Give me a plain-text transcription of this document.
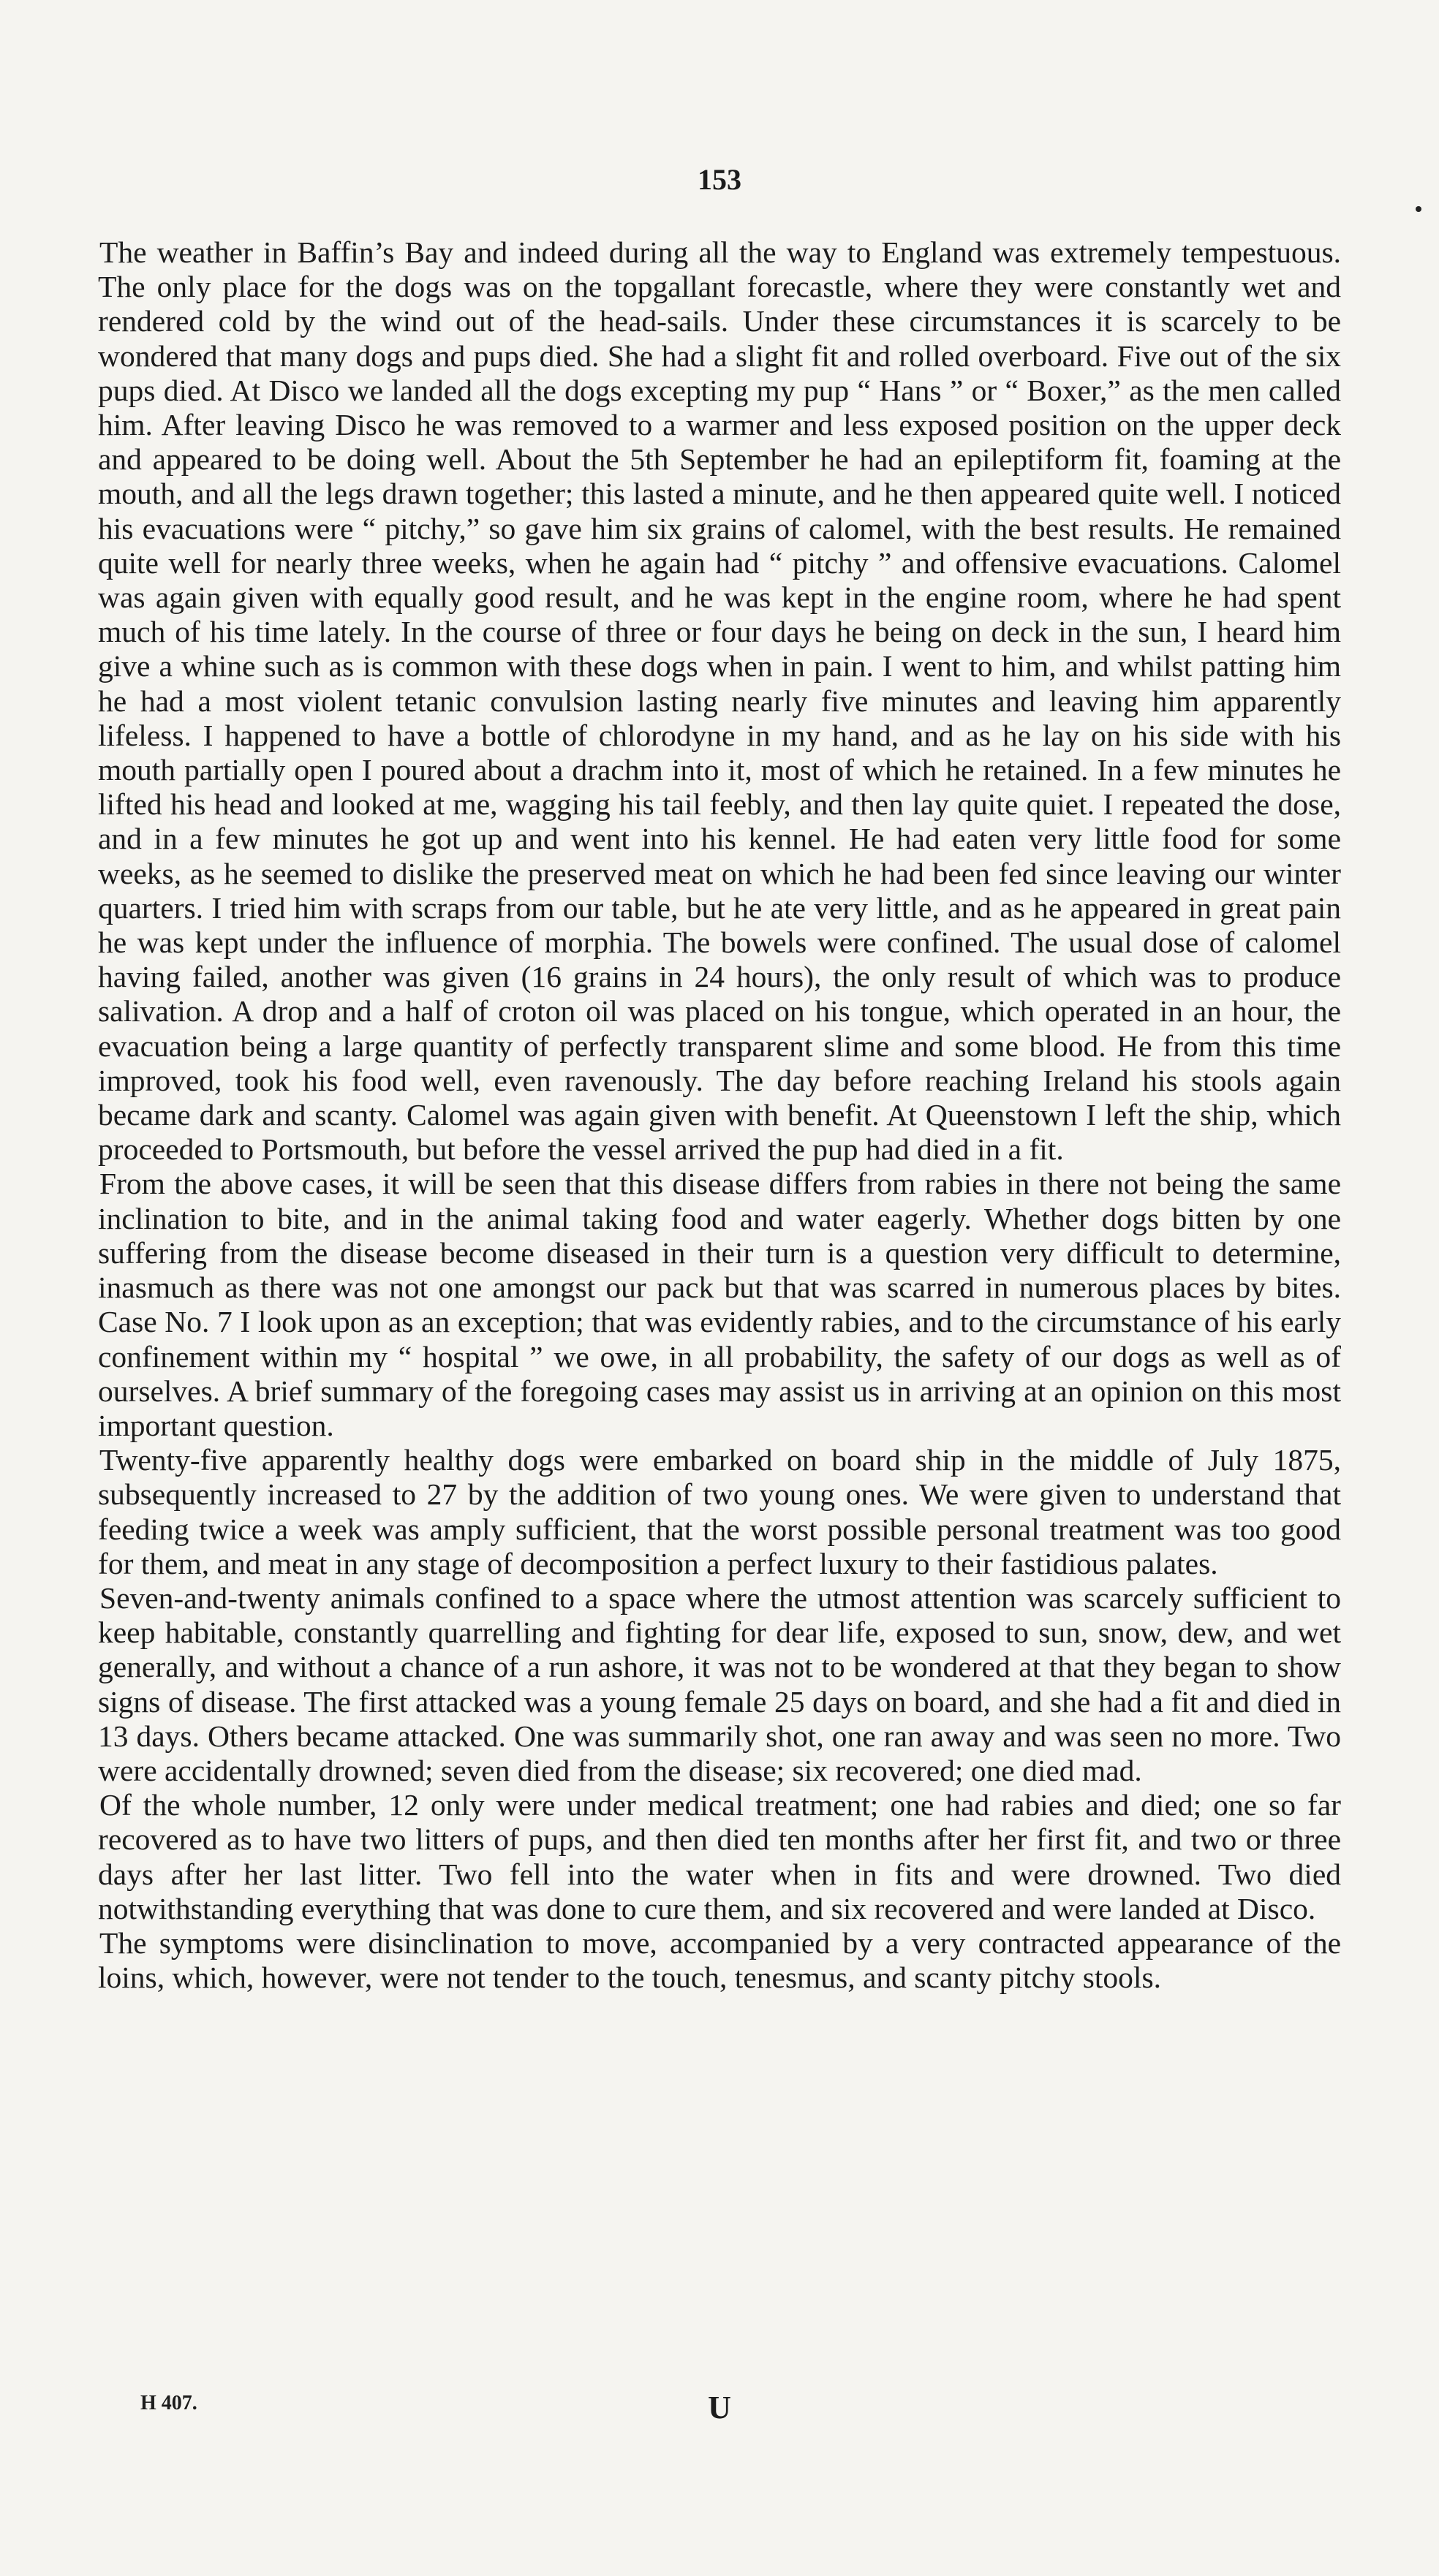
153

The weather in Baffin’s Bay and indeed during all the way to England was extremely tempestuous. The only place for the dogs was on the topgallant forecastle, where they were constantly wet and rendered cold by the wind out of the head-sails. Under these circumstances it is scarcely to be wondered that many dogs and pups died. She had a slight fit and rolled overboard. Five out of the six pups died. At Disco we landed all the dogs excepting my pup “ Hans ” or “ Boxer,” as the men called him. After leaving Disco he was removed to a warmer and less exposed position on the upper deck and appeared to be doing well. About the 5th September he had an epileptiform fit, foaming at the mouth, and all the legs drawn together; this lasted a minute, and he then appeared quite well. I noticed his evacuations were “ pitchy,” so gave him six grains of calomel, with the best results. He remained quite well for nearly three weeks, when he again had “ pitchy ” and offensive evacuations. Calomel was again given with equally good result, and he was kept in the engine room, where he had spent much of his time lately. In the course of three or four days he being on deck in the sun, I heard him give a whine such as is common with these dogs when in pain. I went to him, and whilst patting him he had a most violent tetanic convulsion lasting nearly five minutes and leaving him apparently lifeless. I happened to have a bottle of chlorodyne in my hand, and as he lay on his side with his mouth partially open I poured about a drachm into it, most of which he retained. In a few minutes he lifted his head and looked at me, wagging his tail feebly, and then lay quite quiet. I repeated the dose, and in a few minutes he got up and went into his kennel. He had eaten very little food for some weeks, as he seemed to dislike the preserved meat on which he had been fed since leaving our winter quarters. I tried him with scraps from our table, but he ate very little, and as he appeared in great pain he was kept under the influence of morphia. The bowels were confined. The usual dose of calomel having failed, another was given (16 grains in 24 hours), the only result of which was to produce salivation. A drop and a half of croton oil was placed on his tongue, which operated in an hour, the evacuation being a large quantity of perfectly transparent slime and some blood. He from this time improved, took his food well, even ravenously. The day before reaching Ireland his stools again became dark and scanty. Calomel was again given with benefit. At Queenstown I left the ship, which proceeded to Portsmouth, but before the vessel arrived the pup had died in a fit.

From the above cases, it will be seen that this disease differs from rabies in there not being the same inclination to bite, and in the animal taking food and water eagerly. Whether dogs bitten by one suffering from the disease become diseased in their turn is a question very difficult to determine, inasmuch as there was not one amongst our pack but that was scarred in numerous places by bites. Case No. 7 I look upon as an exception; that was evidently rabies, and to the circumstance of his early confinement within my “ hospital ” we owe, in all probability, the safety of our dogs as well as of ourselves. A brief summary of the foregoing cases may assist us in arriving at an opinion on this most important question.

Twenty-five apparently healthy dogs were embarked on board ship in the middle of July 1875, subsequently increased to 27 by the addition of two young ones. We were given to understand that feeding twice a week was amply sufficient, that the worst possible personal treatment was too good for them, and meat in any stage of decomposition a perfect luxury to their fastidious palates.

Seven-and-twenty animals confined to a space where the utmost attention was scarcely sufficient to keep habitable, constantly quarrelling and fighting for dear life, exposed to sun, snow, dew, and wet generally, and without a chance of a run ashore, it was not to be wondered at that they began to show signs of disease. The first attacked was a young female 25 days on board, and she had a fit and died in 13 days. Others became attacked. One was summarily shot, one ran away and was seen no more. Two were accidentally drowned; seven died from the disease; six recovered; one died mad.

Of the whole number, 12 only were under medical treatment; one had rabies and died; one so far recovered as to have two litters of pups, and then died ten months after her first fit, and two or three days after her last litter. Two fell into the water when in fits and were drowned. Two died notwithstanding everything that was done to cure them, and six recovered and were landed at Disco.

The symptoms were disinclination to move, accompanied by a very contracted appearance of the loins, which, however, were not tender to the touch, tenesmus, and scanty pitchy stools.

H 407.	U
